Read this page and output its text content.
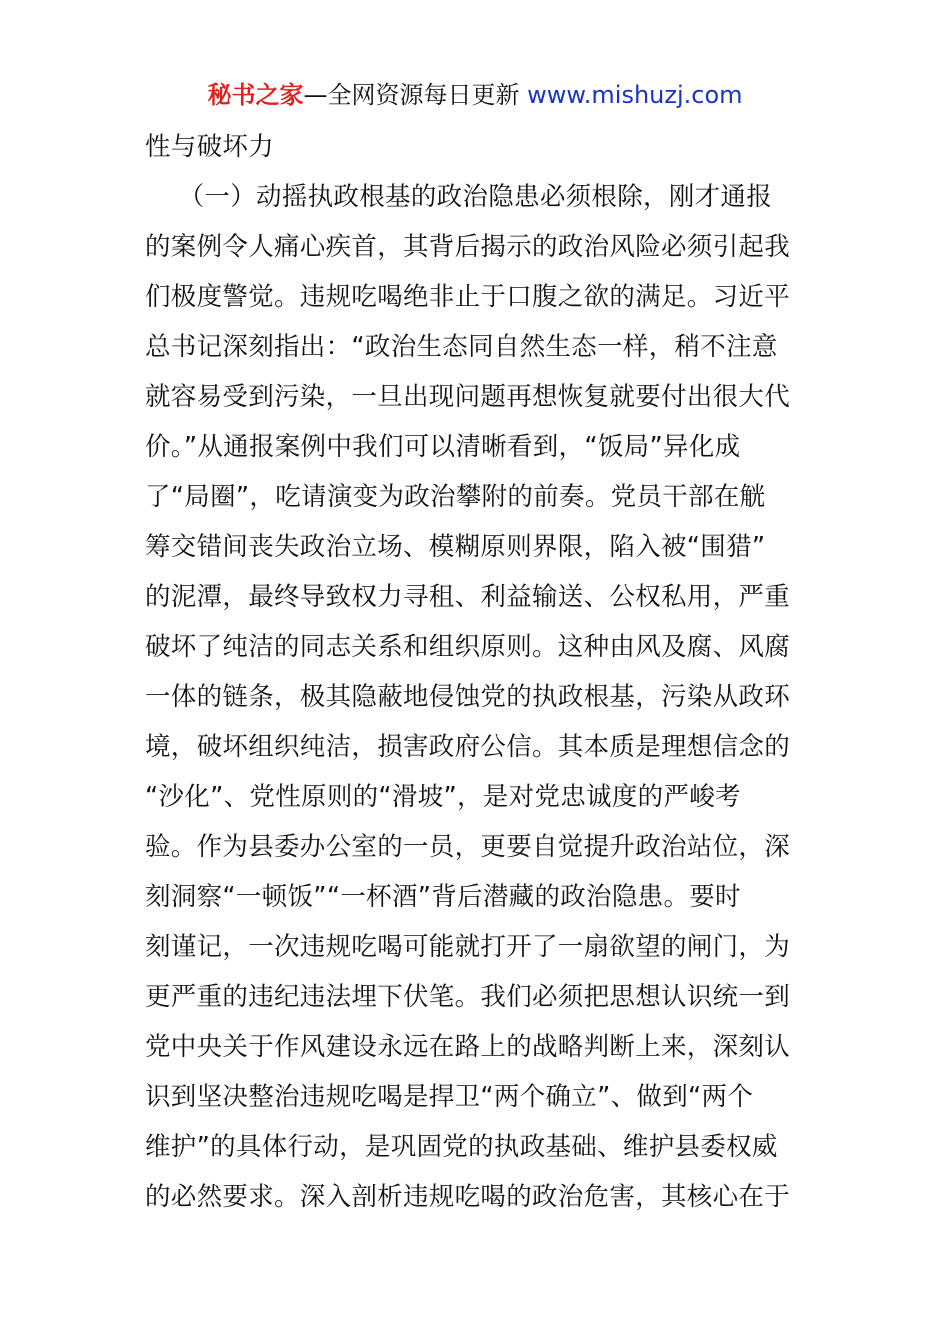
秘书之家—全网资源每日更新 www.mishuzj.com
性与破坏力
（一）动摇执政根基的政治隐患必须根除，刚才通报
的案例令人痛心疾首，其背后揭示的政治风险必须引起我
们极度警觉。违规吃喝绝非止于口腹之欲的满足。习近平
总书记深刻指出：“政治生态同自然生态一样，稍不注意
就容易受到污染，一旦出现问题再想恢复就要付出很大代
价。”从通报案例中我们可以清晰看到，“饭局”异化成
了“局圈”，吃请演变为政治攀附的前奏。党员干部在觥
筹交错间丧失政治立场、模糊原则界限，陷入被“围猎”
的泥潭，最终导致权力寻租、利益输送、公权私用，严重
破坏了纯洁的同志关系和组织原则。这种由风及腐、风腐
一体的链条，极其隐蔽地侵蚀党的执政根基，污染从政环
境，破坏组织纯洁，损害政府公信。其本质是理想信念的
“沙化”、党性原则的“滑坡”，是对党忠诚度的严峻考
验。作为县委办公室的一员，更要自觉提升政治站位，深
刻洞察“一顿饭”“一杯酒”背后潜藏的政治隐患。要时
刻谨记，一次违规吃喝可能就打开了一扇欲望的闸门，为
更严重的违纪违法埋下伏笔。我们必须把思想认识统一到
党中央关于作风建设永远在路上的战略判断上来，深刻认
识到坚决整治违规吃喝是捍卫“两个确立”、做到“两个
维护”的具体行动，是巩固党的执政基础、维护县委权威
的必然要求。深入剖析违规吃喝的政治危害，其核心在于
